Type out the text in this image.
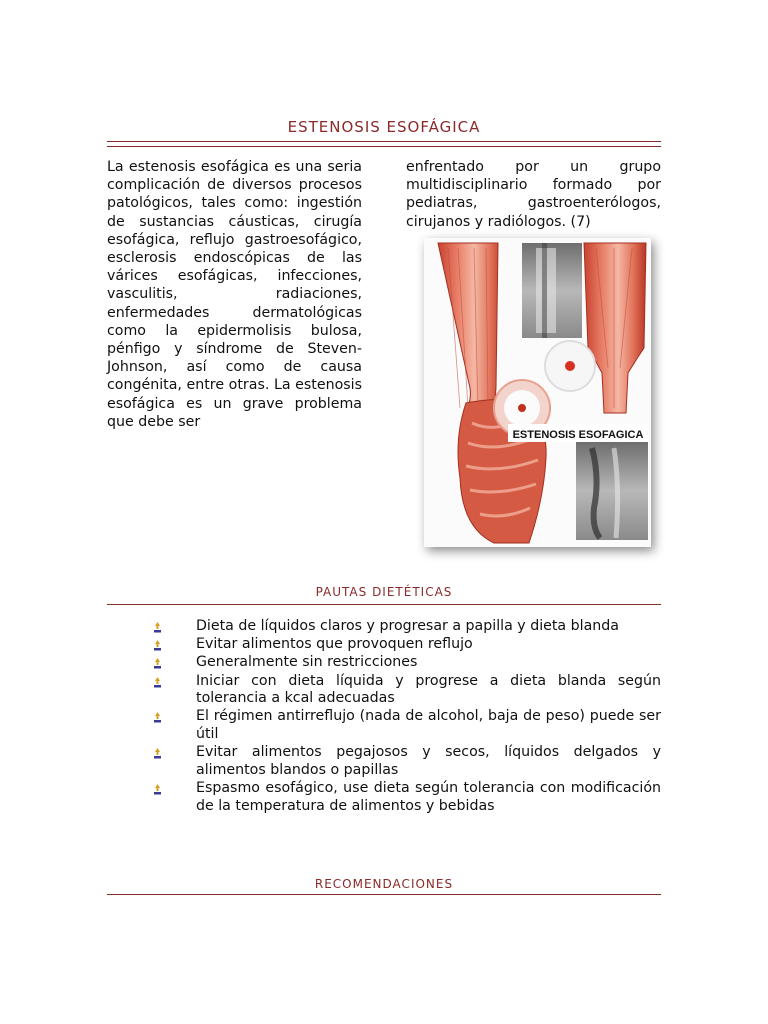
ESTENOSIS ESOFÁGICA
La estenosis esofágica es una seria complicación de diversos procesos patológicos, tales como: ingestión de sustancias cáusticas, cirugía esofágica, reflujo gastroesofágico, esclerosis endoscópicas de las várices esofágicas, infecciones, vasculitis, radiaciones, enfermedades dermatológicas como la epidermolisis bulosa, pénfigo y síndrome de Steven-Johnson, así como de causa congénita, entre otras. La estenosis esofágica es un grave problema que debe ser
enfrentado por un grupo multidisciplinario formado por pediatras, gastroenterólogos, cirujanos y radiólogos. (7)
ESTENOSIS ESOFAGICA
PAUTAS DIETÉTICAS
Dieta de líquidos claros y progresar a papilla y dieta blanda
Evitar alimentos que provoquen reflujo
Generalmente sin restricciones
Iniciar con dieta líquida y progrese a dieta blanda según tolerancia a kcal adecuadas
El régimen antirreflujo (nada de alcohol, baja de peso) puede ser útil
Evitar alimentos pegajosos y secos, líquidos delgados y alimentos blandos o papillas
Espasmo esofágico, use dieta según tolerancia con modificación de la temperatura de alimentos y bebidas
RECOMENDACIONES
